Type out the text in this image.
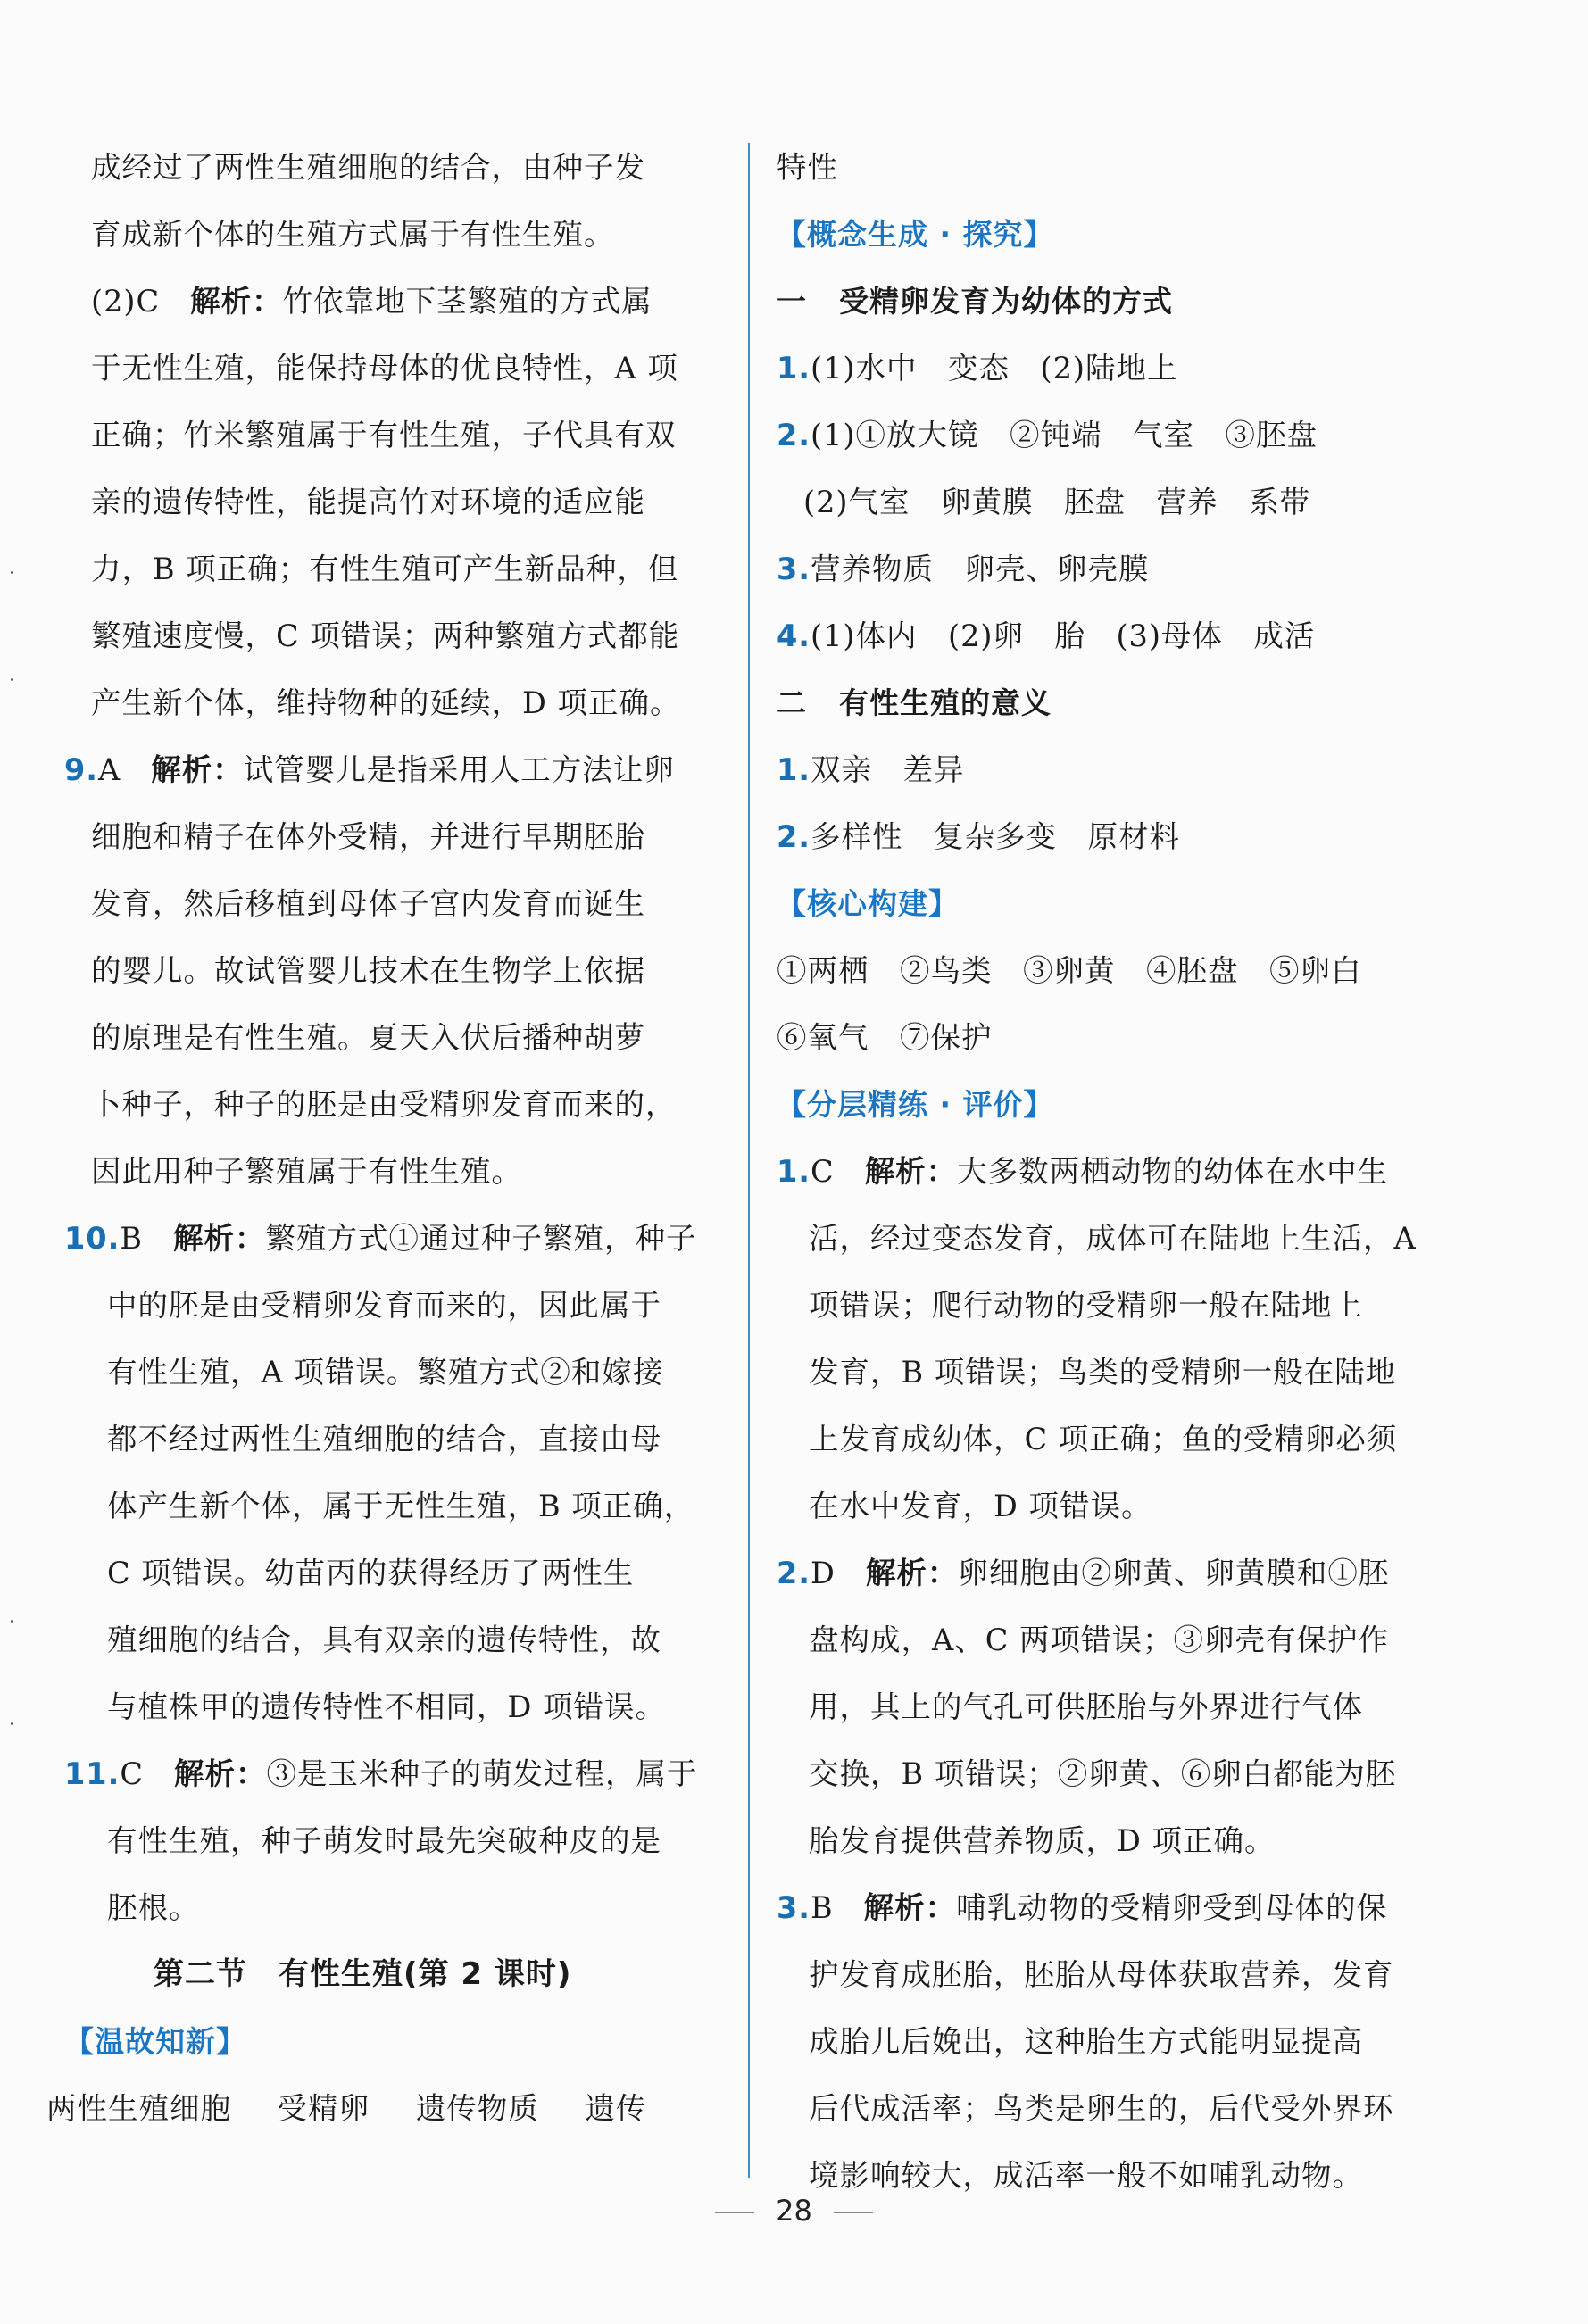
成经过了两性生殖细胞的结合，由种子发
育成新个体的生殖方式属于有性生殖。
(2)C 解析：竹依靠地下茎繁殖的方式属
于无性生殖，能保持母体的优良特性，A 项
正确；竹米繁殖属于有性生殖，子代具有双
亲的遗传特性，能提高竹对环境的适应能
力，B 项正确；有性生殖可产生新品种，但
繁殖速度慢，C 项错误；两种繁殖方式都能
产生新个体，维持物种的延续，D 项正确。
9.A 解析：试管婴儿是指采用人工方法让卵
细胞和精子在体外受精，并进行早期胚胎
发育，然后移植到母体子宫内发育而诞生
的婴儿。故试管婴儿技术在生物学上依据
的原理是有性生殖。夏天入伏后播种胡萝
卜种子，种子的胚是由受精卵发育而来的，
因此用种子繁殖属于有性生殖。
10.B 解析：繁殖方式①通过种子繁殖，种子
中的胚是由受精卵发育而来的，因此属于
有性生殖，A 项错误。繁殖方式②和嫁接
都不经过两性生殖细胞的结合，直接由母
体产生新个体，属于无性生殖，B 项正确，
C 项错误。幼苗丙的获得经历了两性生
殖细胞的结合，具有双亲的遗传特性，故
与植株甲的遗传特性不相同，D 项错误。
11.C 解析：③是玉米种子的萌发过程，属于
有性生殖，种子萌发时最先突破种皮的是
胚根。
第二节　有性生殖(第 2 课时)
【温故知新】
两性生殖细胞 受精卵 遗传物质 遗传
特性
【概念生成 · 探究】
一 受精卵发育为幼体的方式
1.(1)水中　变态　(2)陆地上
2.(1)①放大镜　②钝端　气室　③胚盘
(2)气室　卵黄膜　胚盘　营养　系带
3.营养物质　卵壳、卵壳膜
4.(1)体内　(2)卵　胎　(3)母体　成活
二 有性生殖的意义
1.双亲　差异
2.多样性　复杂多变　原材料
【核心构建】
①两栖　②鸟类　③卵黄　④胚盘　⑤卵白
⑥氧气　⑦保护
【分层精练 · 评价】
1.C 解析：大多数两栖动物的幼体在水中生
活，经过变态发育，成体可在陆地上生活，A
项错误；爬行动物的受精卵一般在陆地上
发育，B 项错误；鸟类的受精卵一般在陆地
上发育成幼体，C 项正确；鱼的受精卵必须
在水中发育，D 项错误。
2.D 解析：卵细胞由②卵黄、卵黄膜和①胚
盘构成，A、C 两项错误；③卵壳有保护作
用，其上的气孔可供胚胎与外界进行气体
交换，B 项错误；②卵黄、⑥卵白都能为胚
胎发育提供营养物质，D 项正确。
3.B 解析：哺乳动物的受精卵受到母体的保
护发育成胚胎，胚胎从母体获取营养，发育
成胎儿后娩出，这种胎生方式能明显提高
后代成活率；鸟类是卵生的，后代受外界环
境影响较大，成活率一般不如哺乳动物。
28
